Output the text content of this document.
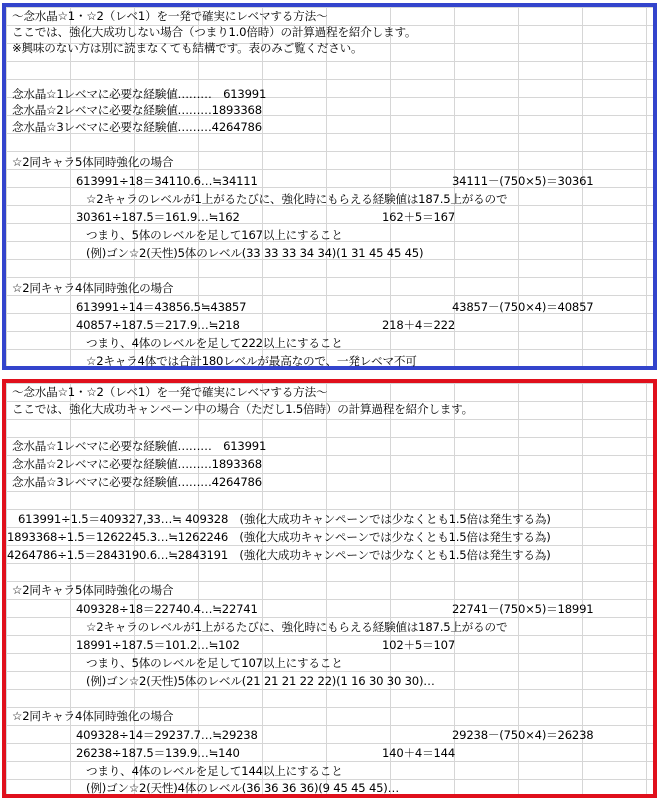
～念水晶☆1・☆2（レベ1）を一発で確実にレベマする方法～
ここでは、強化大成功しない場合（つまり1.0倍時）の計算過程を紹介します。
※興味のない方は別に読まなくても結構です。表のみご覧ください。
念水晶☆1レベマに必要な経験値………　613991
念水晶☆2レベマに必要な経験値………1893368
念水晶☆3レベマに必要な経験値………4264786
☆2同キャラ5体同時強化の場合
613991÷18＝34110.6…≒34111	34111－(750×5)＝30361
☆2キャラのレベルが1上がるたびに、強化時にもらえる経験値は187.5上がるので
30361÷187.5＝161.9…≒162	162＋5＝167
つまり、5体のレベルを足して167以上にすること
(例)ゴン☆2(天性)5体のレベル(33 33 33 34 34)(1 31 45 45 45)
☆2同キャラ4体同時強化の場合
613991÷14＝43856.5≒43857	43857－(750×4)＝40857
40857÷187.5＝217.9…≒218	218＋4＝222
つまり、4体のレベルを足して222以上にすること
☆2キャラ4体では合計180レベルが最高なので、一発レベマ不可
～念水晶☆1・☆2（レベ1）を一発で確実にレベマする方法～
ここでは、強化大成功キャンペーン中の場合（ただし1.5倍時）の計算過程を紹介します。
念水晶☆1レベマに必要な経験値………　613991
念水晶☆2レベマに必要な経験値………1893368
念水晶☆3レベマに必要な経験値………4264786
613991÷1.5＝409327,33…≒ 409328　(強化大成功キャンペーンでは少なくとも1.5倍は発生する為)
1893368÷1.5＝1262245.3…≒1262246　(強化大成功キャンペーンでは少なくとも1.5倍は発生する為)
4264786÷1.5＝2843190.6…≒2843191　(強化大成功キャンペーンでは少なくとも1.5倍は発生する為)
☆2同キャラ5体同時強化の場合
409328÷18＝22740.4…≒22741	22741－(750×5)＝18991
☆2キャラのレベルが1上がるたびに、強化時にもらえる経験値は187.5上がるので
18991÷187.5＝101.2…≒102	102＋5＝107
つまり、5体のレベルを足して107以上にすること
(例)ゴン☆2(天性)5体のレベル(21 21 21 22 22)(1 16 30 30 30)…
☆2同キャラ4体同時強化の場合
409328÷14＝29237.7…≒29238	29238－(750×4)＝26238
26238÷187.5＝139.9…≒140	140＋4＝144
つまり、4体のレベルを足して144以上にすること
(例)ゴン☆2(天性)4体のレベル(36 36 36 36)(9 45 45 45)…
